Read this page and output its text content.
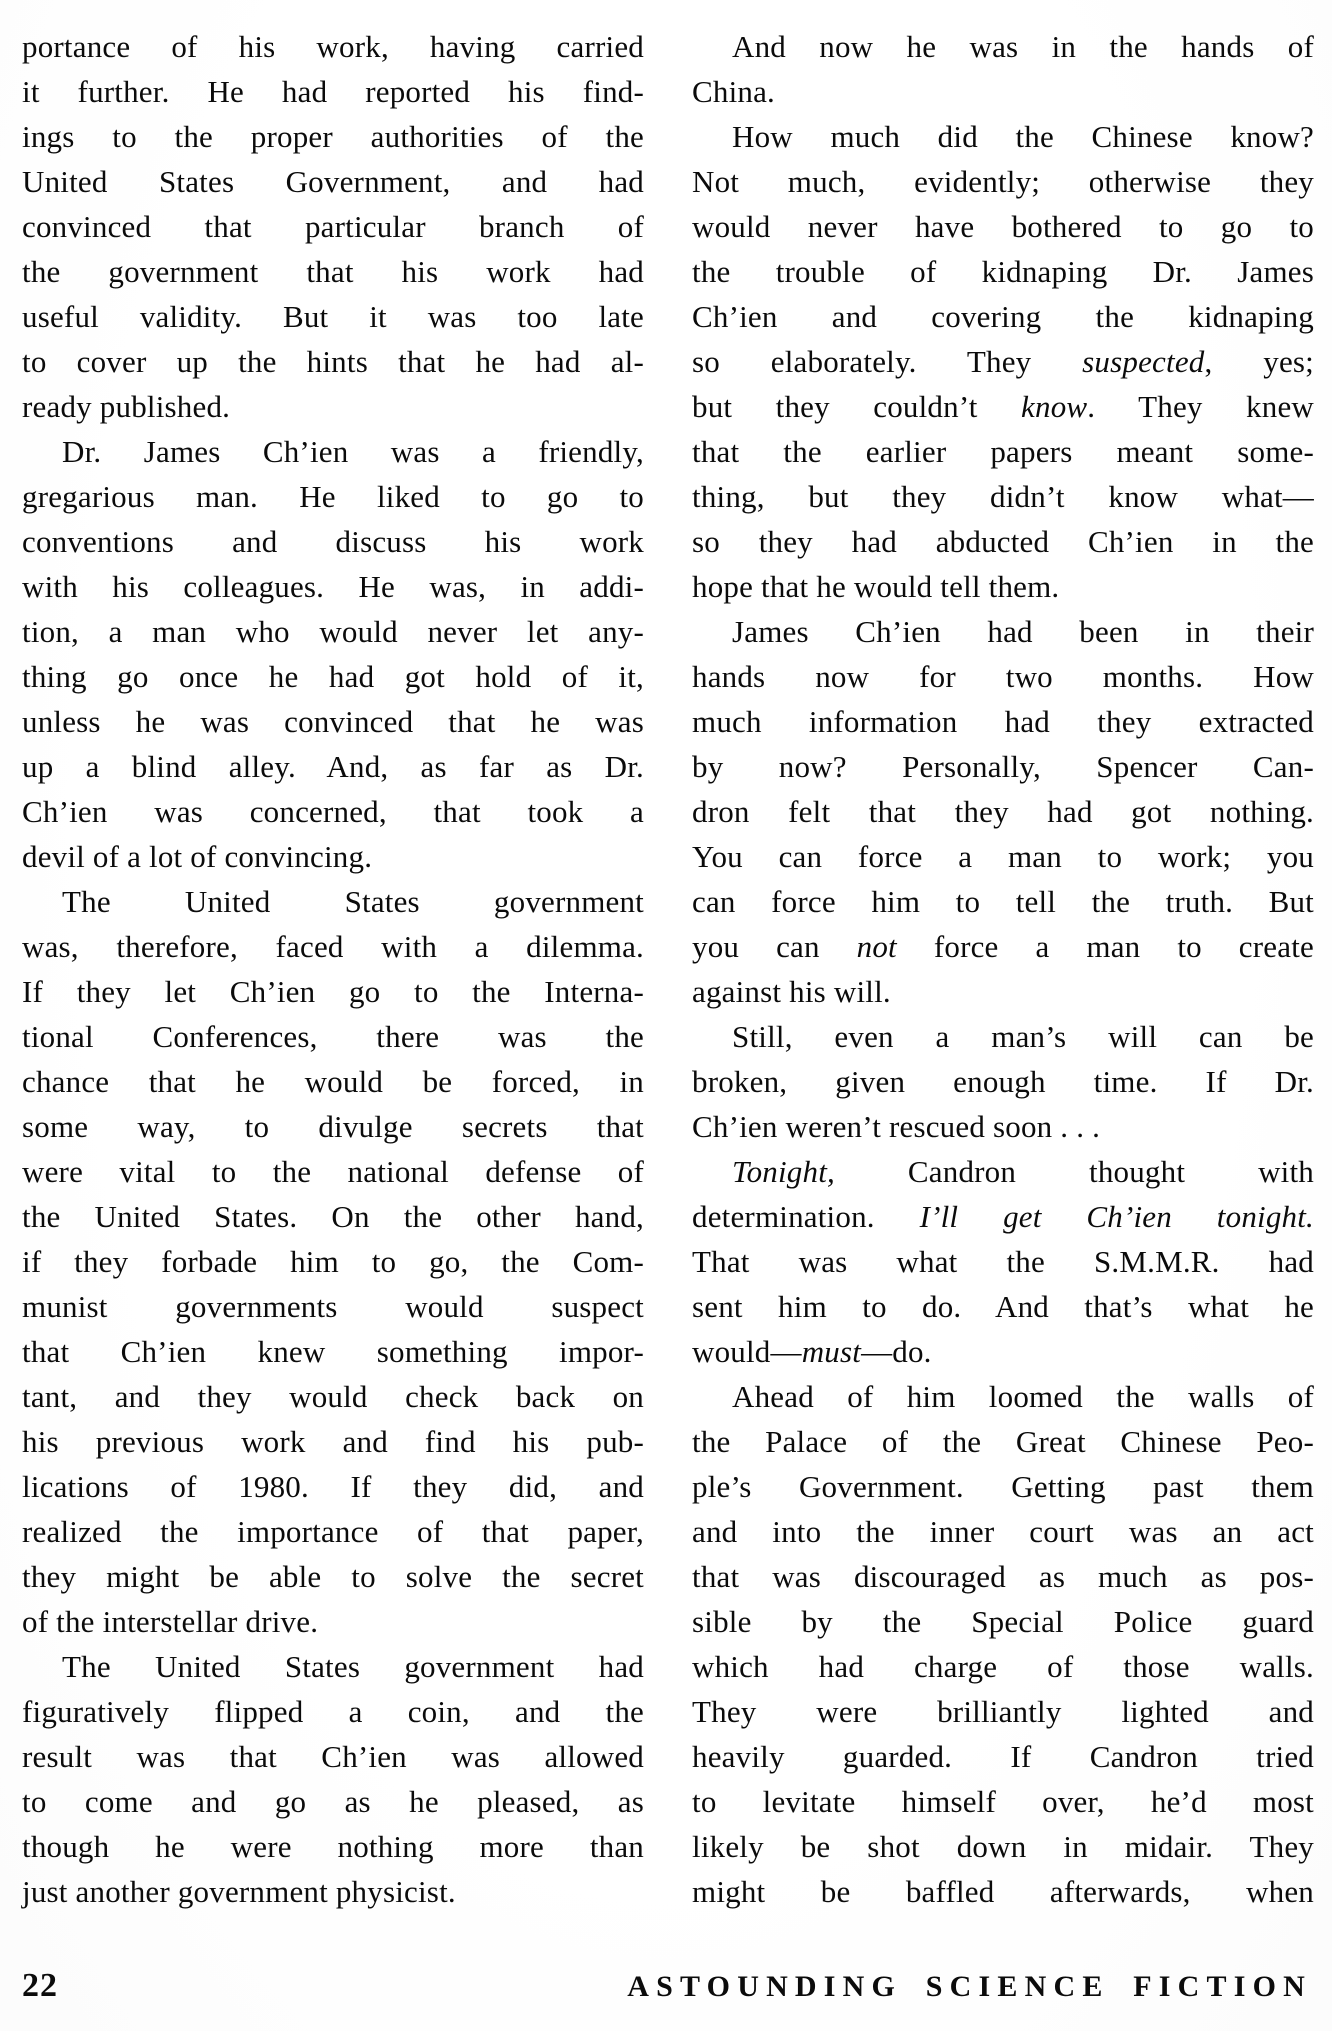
portance of his work, having carried
it further. He had reported his find-
ings to the proper authorities of the
United States Government, and had
convinced that particular branch of
the government that his work had
useful validity. But it was too late
to cover up the hints that he had al-
ready published.
Dr. James Ch’ien was a friendly,
gregarious man. He liked to go to
conventions and discuss his work
with his colleagues. He was, in addi-
tion, a man who would never let any-
thing go once he had got hold of it,
unless he was convinced that he was
up a blind alley. And, as far as Dr.
Ch’ien was concerned, that took a
devil of a lot of convincing.
The United States government
was, therefore, faced with a dilemma.
If they let Ch’ien go to the Interna-
tional Conferences, there was the
chance that he would be forced, in
some way, to divulge secrets that
were vital to the national defense of
the United States. On the other hand,
if they forbade him to go, the Com-
munist governments would suspect
that Ch’ien knew something impor-
tant, and they would check back on
his previous work and find his pub-
lications of 1980. If they did, and
realized the importance of that paper,
they might be able to solve the secret
of the interstellar drive.
The United States government had
figuratively flipped a coin, and the
result was that Ch’ien was allowed
to come and go as he pleased, as
though he were nothing more than
just another government physicist.
And now he was in the hands of
China.
How much did the Chinese know?
Not much, evidently; otherwise they
would never have bothered to go to
the trouble of kidnaping Dr. James
Ch’ien and covering the kidnaping
so elaborately. They suspected, yes;
but they couldn’t know. They knew
that the earlier papers meant some-
thing, but they didn’t know what—
so they had abducted Ch’ien in the
hope that he would tell them.
James Ch’ien had been in their
hands now for two months. How
much information had they extracted
by now? Personally, Spencer Can-
dron felt that they had got nothing.
You can force a man to work; you
can force him to tell the truth. But
you can not force a man to create
against his will.
Still, even a man’s will can be
broken, given enough time. If Dr.
Ch’ien weren’t rescued soon . . .
Tonight, Candron thought with
determination. I’ll get Ch’ien tonight.
That was what the S.M.M.R. had
sent him to do. And that’s what he
would—must—do.
Ahead of him loomed the walls of
the Palace of the Great Chinese Peo-
ple’s Government. Getting past them
and into the inner court was an act
that was discouraged as much as pos-
sible by the Special Police guard
which had charge of those walls.
They were brilliantly lighted and
heavily guarded. If Candron tried
to levitate himself over, he’d most
likely be shot down in midair. They
might be baffled afterwards, when
22	ASTOUNDING SCIENCE FICTION
